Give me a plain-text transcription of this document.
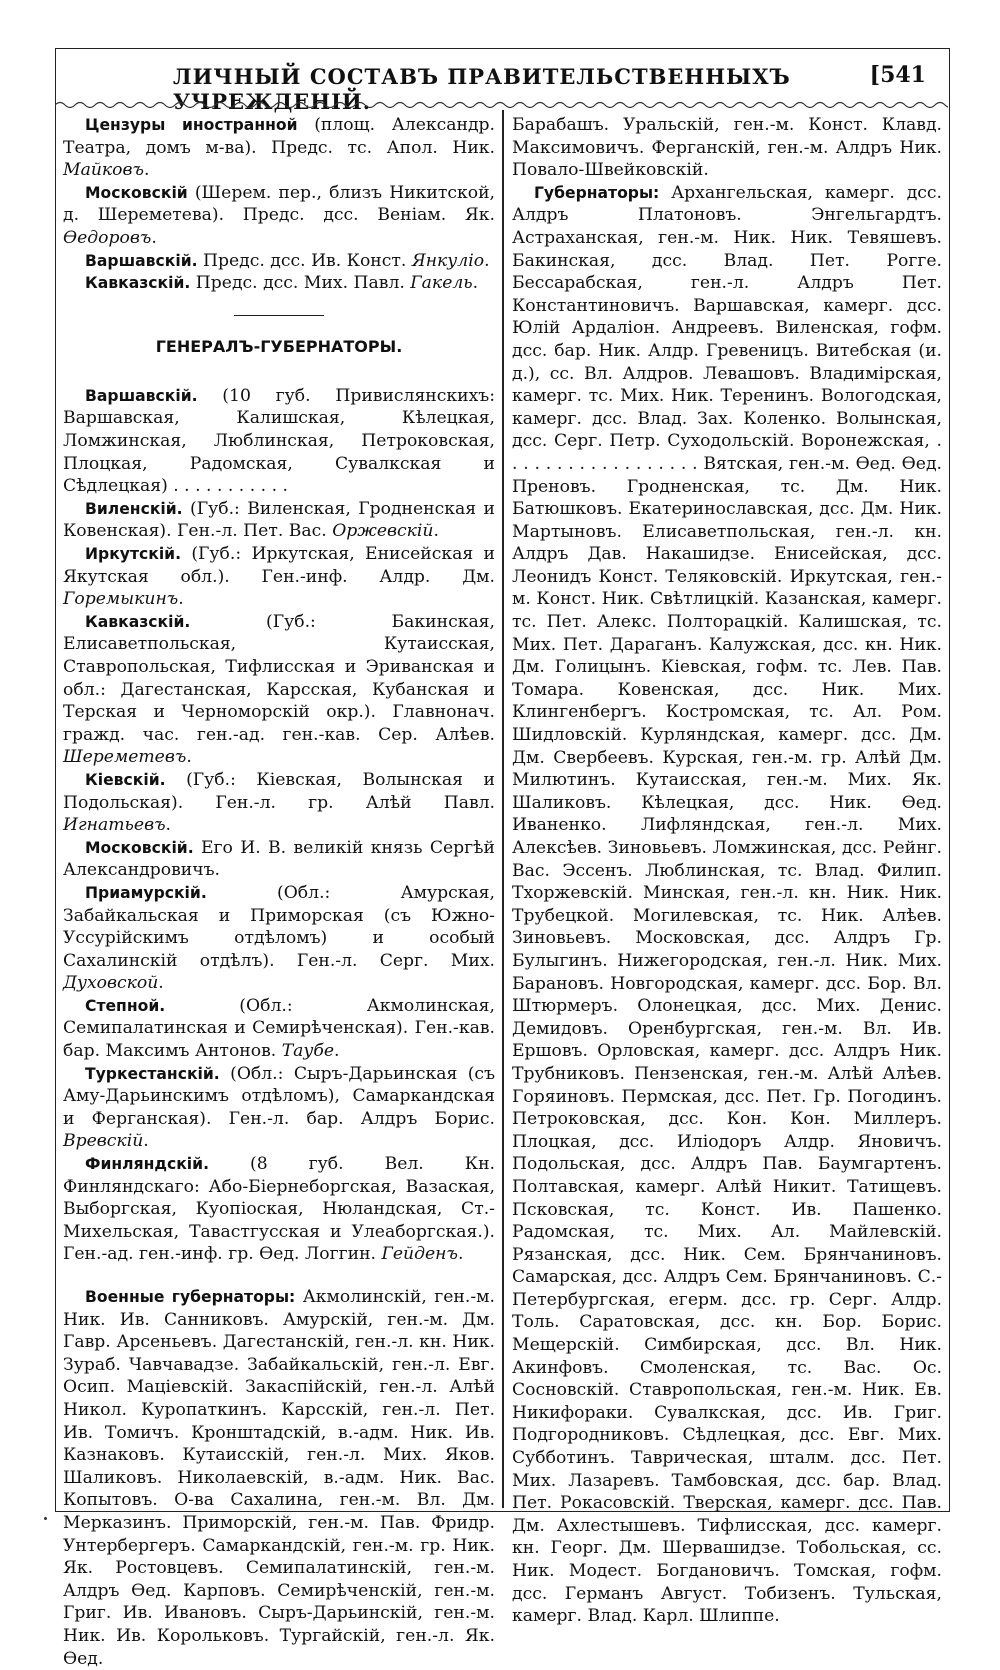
ЛИЧНЫЙ СОСТАВЪ ПРАВИТЕЛЬСТВЕННЫХЪ УЧРЕЖДЕНІЙ.
[541

Цензуры иностранной (площ. Александр. Театра, домъ м-ва). Предс. тс. Апол. Ник. Майковъ.

Московскій (Шерем. пер., близъ Никитской, д. Шереметева). Предс. дсс. Веніам. Як. Өедоровъ.

Варшавскій. Предс. дсс. Ив. Конст. Янкуліо.

Кавказскій. Предс. дсс. Мих. Павл. Гакель.

ГЕНЕРАЛЪ-ГУБЕРНАТОРЫ.

Варшавскій. (10 губ. Привислянскихъ: Варшавская, Калишская, Кѣлецкая, Ломжинская, Люблинская, Петроковская, Плоцкая, Радомская, Сувалкская и Сѣдлецкая) . . . . . . . . . . .

Виленскій. (Губ.: Виленская, Гродненская и Ковенская). Ген.-л. Пет. Вас. Оржевскій.

Иркутскій. (Губ.: Иркутская, Енисейская и Якутская обл.). Ген.-инф. Алдр. Дм. Горемыкинъ.

Кавказскій. (Губ.: Бакинская, Елисаветпольская, Кутаисская, Ставропольская, Тифлисская и Эриванская и обл.: Дагестанская, Карсская, Кубанская и Терская и Черноморскій окр.). Главнонач. гражд. час. ген.-ад. ген.-кав. Сер. Алѣев. Шереметевъ.

Кіевскій. (Губ.: Кіевская, Волынская и Подольская). Ген.-л. гр. Алѣй Павл. Игнатьевъ.

Московскій. Его И. В. великій князь Сергѣй Александровичъ.

Приамурскій. (Обл.: Амурская, Забайкальская и Приморская (съ Южно-Уссурійскимъ отдѣломъ) и особый Сахалинскій отдѣлъ). Ген.-л. Серг. Мих. Духовской.

Степной. (Обл.: Акмолинская, Семипалатинская и Семирѣченская). Ген.-кав. бар. Максимъ Антонов. Таубе.

Туркестанскій. (Обл.: Сыръ-Дарьинская (съ Аму-Дарьинскимъ отдѣломъ), Самаркандская и Ферганская). Ген.-л. бар. Алдръ Борис. Вревскій.

Финляндскій. (8 губ. Вел. Кн. Финляндскаго: Або-Біернеборгская, Вазаская, Выборгская, Куопіоская, Нюландская, Ст.-Михельская, Тавастгусская и Улеаборгская.). Ген.-ад. ген.-инф. гр. Өед. Логгин. Гейденъ.

Военные губернаторы: Акмолинскій, ген.-м. Ник. Ив. Санниковъ. Амурскій, ген.-м. Дм. Гавр. Арсеньевъ. Дагестанскій, ген.-л. кн. Ник. Зураб. Чавчавадзе. Забайкальскій, ген.-л. Евг. Осип. Маціевскій. Закаспійскій, ген.-л. Алѣй Никол. Куропаткинъ. Карсскій, ген.-л. Пет. Ив. Томичъ. Кронштадскій, в.-адм. Ник. Ив. Казнаковъ. Кутаисскій, ген.-л. Мих. Яков. Шаликовъ. Николаевскій, в.-адм. Ник. Вас. Копытовъ. О-ва Сахалина, ген.-м. Вл. Дм. Мерказинъ. Приморскій, ген.-м. Пав. Фридр. Унтербергеръ. Самаркандскій, ген.-м. гр. Ник. Як. Ростовцевъ. Семипалатинскій, ген.-м. Алдръ Өед. Карповъ. Семирѣченскій, ген.-м. Григ. Ив. Ивановъ. Сыръ-Дарьинскій, ген.-м. Ник. Ив. Корольковъ. Тургайскій, ген.-л. Як. Өед.

Барабашъ. Уральскій, ген.-м. Конст. Клавд. Максимовичъ. Ферганскій, ген.-м. Алдръ Ник. Повало-Швейковскій.

Губернаторы: Архангельская, камерг. дсс. Алдръ Платоновъ. Энгельгардтъ. Астраханская, ген.-м. Ник. Ник. Тевяшевъ. Бакинская, дсс. Влад. Пет. Рогге. Бессарабская, ген.-л. Алдръ Пет. Константиновичъ. Варшавская, камерг. дсс. Юлій Ардаліон. Андреевъ. Виленская, гофм. дсс. бар. Ник. Алдр. Гревеницъ. Витебская (и. д.), сс. Вл. Алдров. Левашовъ. Владимірская, камерг. тс. Мих. Ник. Теренинъ. Вологодская, камерг. дсс. Влад. Зах. Коленко. Волынская, дсс. Серг. Петр. Суходольскій. Воронежская, . . . . . . . . . . . . . . . . . . Вятская, ген.-м. Өед. Өед. Преновъ. Гродненская, тс. Дм. Ник. Батюшковъ. Екатеринославская, дсс. Дм. Ник. Мартыновъ. Елисаветпольская, ген.-л. кн. Алдръ Дав. Накашидзе. Енисейская, дсс. Леонидъ Конст. Теляковскій. Иркутская, ген.-м. Конст. Ник. Свѣтлицкій. Казанская, камерг. тс. Пет. Алекс. Полторацкій. Калишская, тс. Мих. Пет. Дараганъ. Калужская, дсс. кн. Ник. Дм. Голицынъ. Кіевская, гофм. тс. Лев. Пав. Томара. Ковенская, дсс. Ник. Мих. Клингенбергъ. Костромская, тс. Ал. Ром. Шидловскій. Курляндская, камерг. дсс. Дм. Дм. Свербеевъ. Курская, ген.-м. гр. Алѣй Дм. Милютинъ. Кутаисская, ген.-м. Мих. Як. Шаликовъ. Кѣлецкая, дсс. Ник. Өед. Иваненко. Лифляндская, ген.-л. Мих. Алексѣев. Зиновьевъ. Ломжинская, дсс. Рейнг. Вас. Эссенъ. Люблинская, тс. Влад. Филип. Тхоржевскій. Минская, ген.-л. кн. Ник. Ник. Трубецкой. Могилевская, тс. Ник. Алѣев. Зиновьевъ. Московская, дсс. Алдръ Гр. Булыгинъ. Нижегородская, ген.-л. Ник. Мих. Барановъ. Новгородская, камерг. дсс. Бор. Вл. Штюрмеръ. Олонецкая, дсс. Мих. Денис. Демидовъ. Оренбургская, ген.-м. Вл. Ив. Ершовъ. Орловская, камерг. дсс. Алдръ Ник. Трубниковъ. Пензенская, ген.-м. Алѣй Алѣев. Горяиновъ. Пермская, дсс. Пет. Гр. Погодинъ. Петроковская, дсс. Кон. Кон. Миллеръ. Плоцкая, дсс. Иліодоръ Алдр. Яновичъ. Подольская, дсс. Алдръ Пав. Баумгартенъ. Полтавская, камерг. Алѣй Никит. Татищевъ. Псковская, тс. Конст. Ив. Пашенко. Радомская, тс. Мих. Ал. Майлевскій. Рязанская, дсс. Ник. Сем. Брянчаниновъ. Самарская, дсс. Алдръ Сем. Брянчаниновъ. С.-Петербургская, егерм. дсс. гр. Серг. Алдр. Толь. Саратовская, дсс. кн. Бор. Борис. Мещерскій. Симбирская, дсс. Вл. Ник. Акинфовъ. Смоленская, тс. Вас. Ос. Сосновскій. Ставропольская, ген.-м. Ник. Ев. Никифораки. Сувалкская, дсс. Ив. Григ. Подгородниковъ. Сѣдлецкая, дсс. Евг. Мих. Субботинъ. Таврическая, шталм. дсс. Пет. Мих. Лазаревъ. Тамбовская, дсс. бар. Влад. Пет. Рокасовскій. Тверская, камерг. дсс. Пав. Дм. Ахлестышевъ. Тифлисская, дсс. камерг. кн. Георг. Дм. Шервашидзе. Тобольская, сс. Ник. Модест. Богдановичъ. Томская, гофм. дсс. Германъ Август. Тобизенъ. Тульская, камерг. Влад. Карл. Шлиппе.
